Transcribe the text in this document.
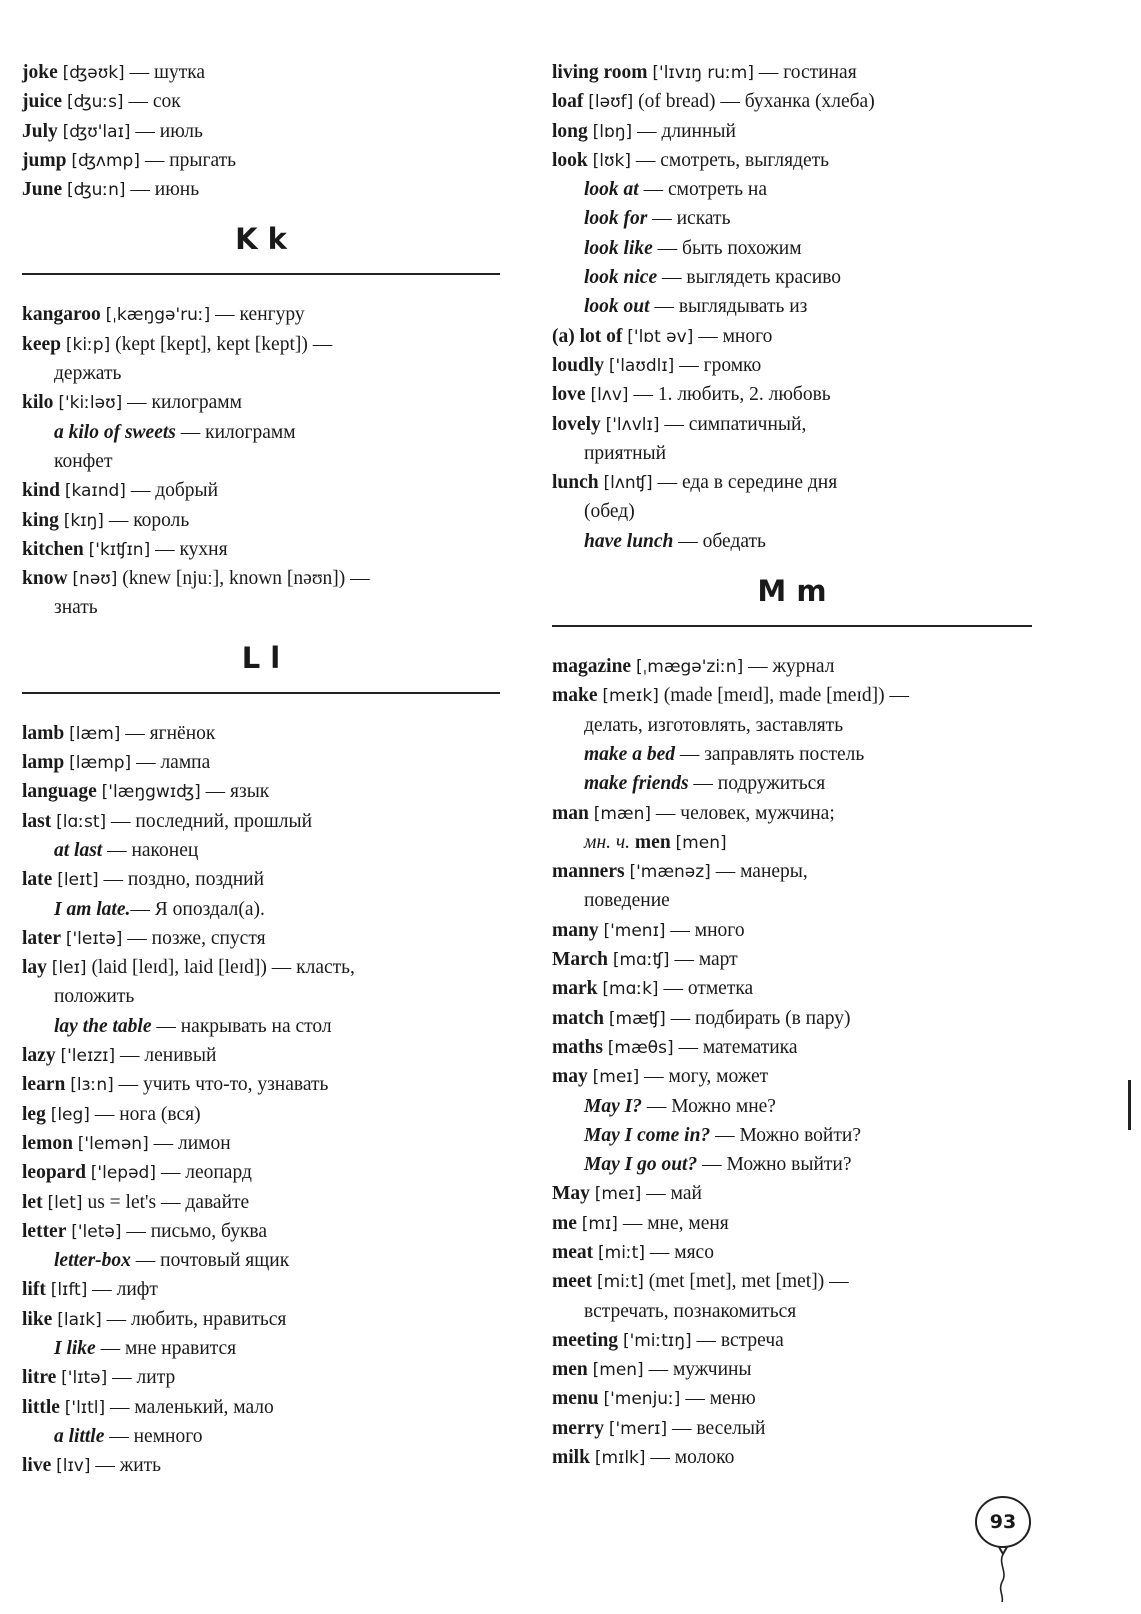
joke [ʤəʊk] — шутка
juice [ʤuːs] — сок
July [ʤʊ'laɪ] — июль
jump [ʤʌmp] — прыгать
June [ʤuːn] — июнь
K k
kangaroo [ˌkæŋgə'ruː] — кенгуру
keep [kiːp] (kept [kept], kept [kept]) —
держать
kilo ['kiːləʊ] — килограмм
a kilo of sweets — килограмм
конфет
kind [kaɪnd] — добрый
king [kɪŋ] — король
kitchen ['kɪʧɪn] — кухня
know [nəʊ] (knew [njuː], known [nəʊn]) —
знать
L l
lamb [læm] — ягнёнок
lamp [læmp] — лампа
language ['læŋgwɪʤ] — язык
last [lɑːst] — последний, прошлый
at last — наконец
late [leɪt] — поздно, поздний
I am late.— Я опоздал(а).
later ['leɪtə] — позже, спустя
lay [leɪ] (laid [leɪd], laid [leɪd]) — класть,
положить
lay the table — накрывать на стол
lazy ['leɪzɪ] — ленивый
learn [lɜːn] — учить что-то, узнавать
leg [leg] — нога (вся)
lemon ['lemən] — лимон
leopard ['lepəd] — леопард
let [let] us = let's — давайте
letter ['letə] — письмо, буква
letter-box — почтовый ящик
lift [lɪft] — лифт
like [laɪk] — любить, нравиться
I like — мне нравится
litre ['lɪtə] — литр
little ['lɪtl] — маленький, мало
a little — немного
live [lɪv] — жить
living room ['lɪvɪŋ ruːm] — гостиная
loaf [ləʊf] (of bread) — буханка (хлеба)
long [lɒŋ] — длинный
look [lʊk] — смотреть, выглядеть
look at — смотреть на
look for — искать
look like — быть похожим
look nice — выглядеть красиво
look out — выглядывать из
(a) lot of ['lɒt əv] — много
loudly ['laʊdlɪ] — громко
love [lʌv] — 1. любить, 2. любовь
lovely ['lʌvlɪ] — симпатичный,
приятный
lunch [lʌnʧ] — еда в середине дня
(обед)
have lunch — обедать
M m
magazine [ˌmægə'ziːn] — журнал
make [meɪk] (made [meɪd], made [meɪd]) —
делать, изготовлять, заставлять
make a bed — заправлять постель
make friends — подружиться
man [mæn] — человек, мужчина;
мн. ч. men [men]
manners ['mænəz] — манеры,
поведение
many ['menɪ] — много
March [mɑːʧ] — март
mark [mɑːk] — отметка
match [mæʧ] — подбирать (в пару)
maths [mæθs] — математика
may [meɪ] — могу, может
May I? — Можно мне?
May I come in? — Можно войти?
May I go out? — Можно выйти?
May [meɪ] — май
me [mɪ] — мне, меня
meat [miːt] — мясо
meet [miːt] (met [met], met [met]) —
встречать, познакомиться
meeting ['miːtɪŋ] — встреча
men [men] — мужчины
menu ['menjuː] — меню
merry ['merɪ] — веселый
milk [mɪlk] — молоко
93
